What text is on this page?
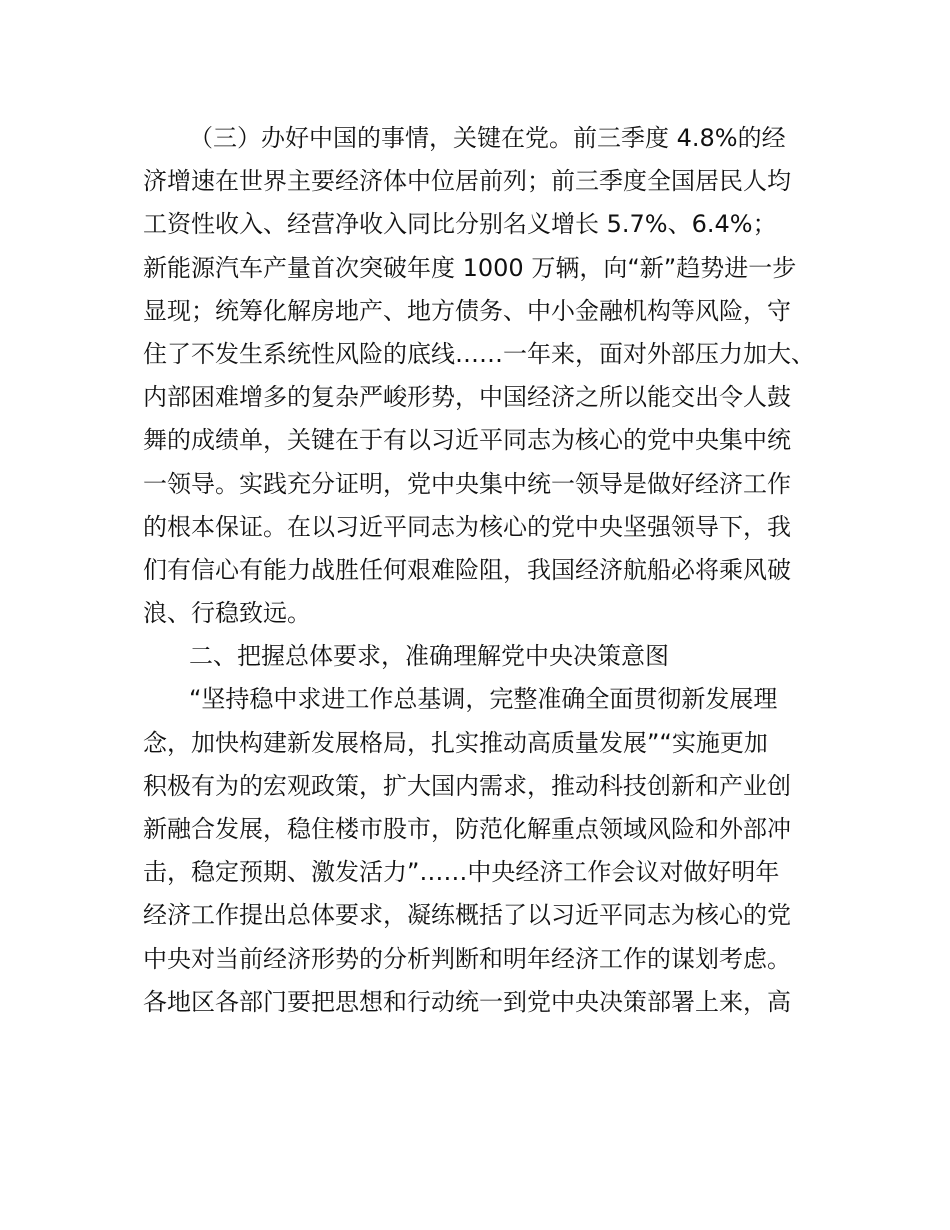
（三）办好中国的事情，关键在党。前三季度 4.8%的经
济增速在世界主要经济体中位居前列；前三季度全国居民人均
工资性收入、经营净收入同比分别名义增长 5.7%、6.4%；
新能源汽车产量首次突破年度 1000 万辆，向“新”趋势进一步
显现；统筹化解房地产、地方债务、中小金融机构等风险，守
住了不发生系统性风险的底线……一年来，面对外部压力加大、
内部困难增多的复杂严峻形势，中国经济之所以能交出令人鼓
舞的成绩单，关键在于有以习近平同志为核心的党中央集中统
一领导。实践充分证明，党中央集中统一领导是做好经济工作
的根本保证。在以习近平同志为核心的党中央坚强领导下，我
们有信心有能力战胜任何艰难险阻，我国经济航船必将乘风破
浪、行稳致远。
二、把握总体要求，准确理解党中央决策意图
“坚持稳中求进工作总基调，完整准确全面贯彻新发展理
念，加快构建新发展格局，扎实推动高质量发展”“实施更加
积极有为的宏观政策，扩大国内需求，推动科技创新和产业创
新融合发展，稳住楼市股市，防范化解重点领域风险和外部冲
击，稳定预期、激发活力”……中央经济工作会议对做好明年
经济工作提出总体要求，凝练概括了以习近平同志为核心的党
中央对当前经济形势的分析判断和明年经济工作的谋划考虑。
各地区各部门要把思想和行动统一到党中央决策部署上来，高
